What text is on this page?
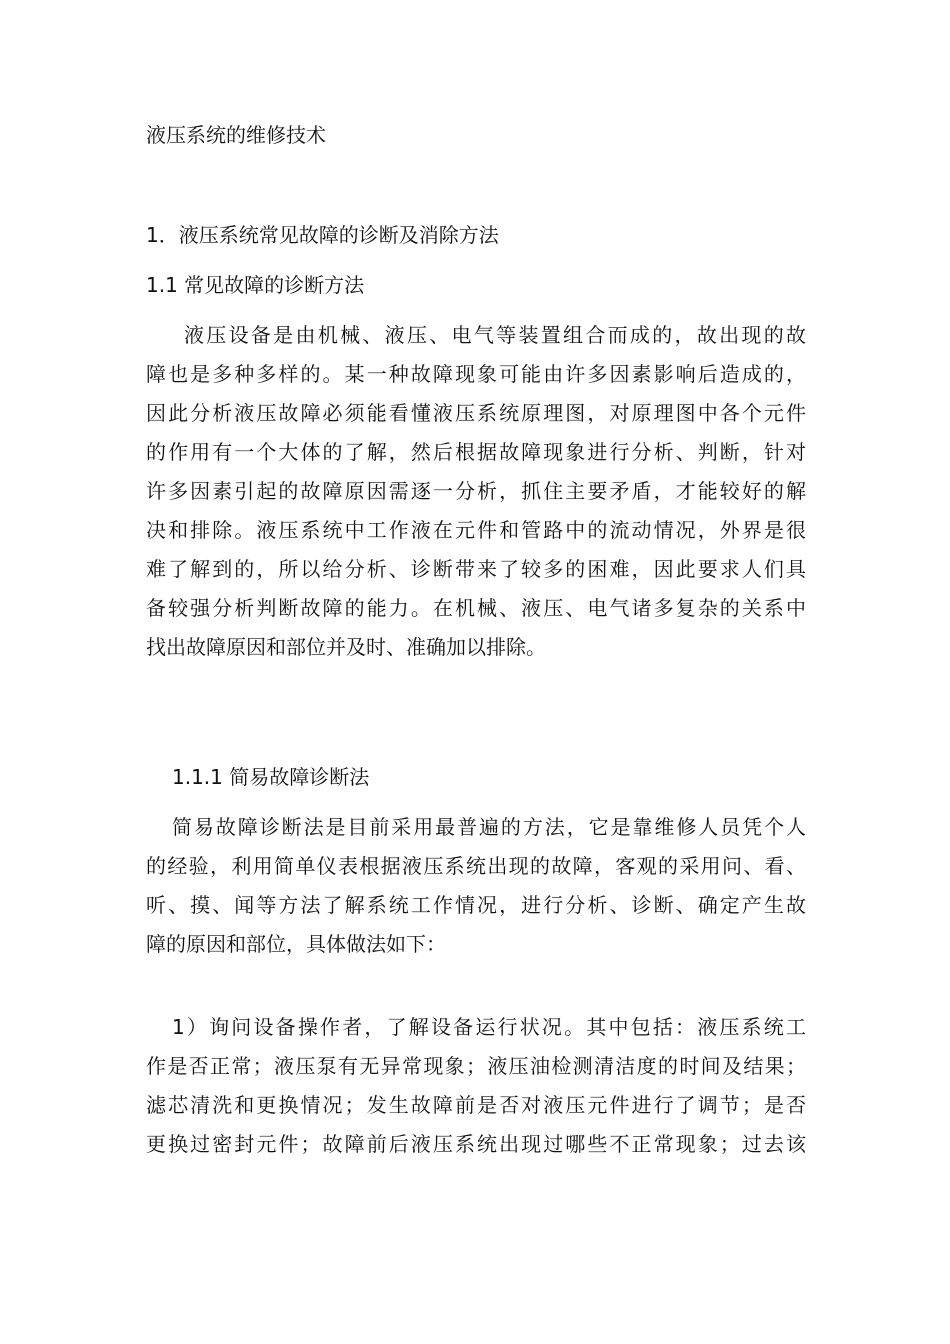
液压系统的维修技术
1．液压系统常见故障的诊断及消除方法
1.1 常见故障的诊断方法
液压设备是由机械、液压、电气等装置组合而成的，故出现的故
障也是多种多样的。某一种故障现象可能由许多因素影响后造成的，
因此分析液压故障必须能看懂液压系统原理图，对原理图中各个元件
的作用有一个大体的了解，然后根据故障现象进行分析、判断，针对
许多因素引起的故障原因需逐一分析，抓住主要矛盾，才能较好的解
决和排除。液压系统中工作液在元件和管路中的流动情况，外界是很
难了解到的，所以给分析、诊断带来了较多的困难，因此要求人们具
备较强分析判断故障的能力。在机械、液压、电气诸多复杂的关系中
找出故障原因和部位并及时、准确加以排除。
1.1.1 简易故障诊断法
简易故障诊断法是目前采用最普遍的方法，它是靠维修人员凭个人
的经验，利用简单仪表根据液压系统出现的故障，客观的采用问、看、
听、摸、闻等方法了解系统工作情况，进行分析、诊断、确定产生故
障的原因和部位，具体做法如下：
1）询问设备操作者，了解设备运行状况。其中包括：液压系统工
作是否正常；液压泵有无异常现象；液压油检测清洁度的时间及结果；
滤芯清洗和更换情况；发生故障前是否对液压元件进行了调节；是否
更换过密封元件；故障前后液压系统出现过哪些不正常现象；过去该
